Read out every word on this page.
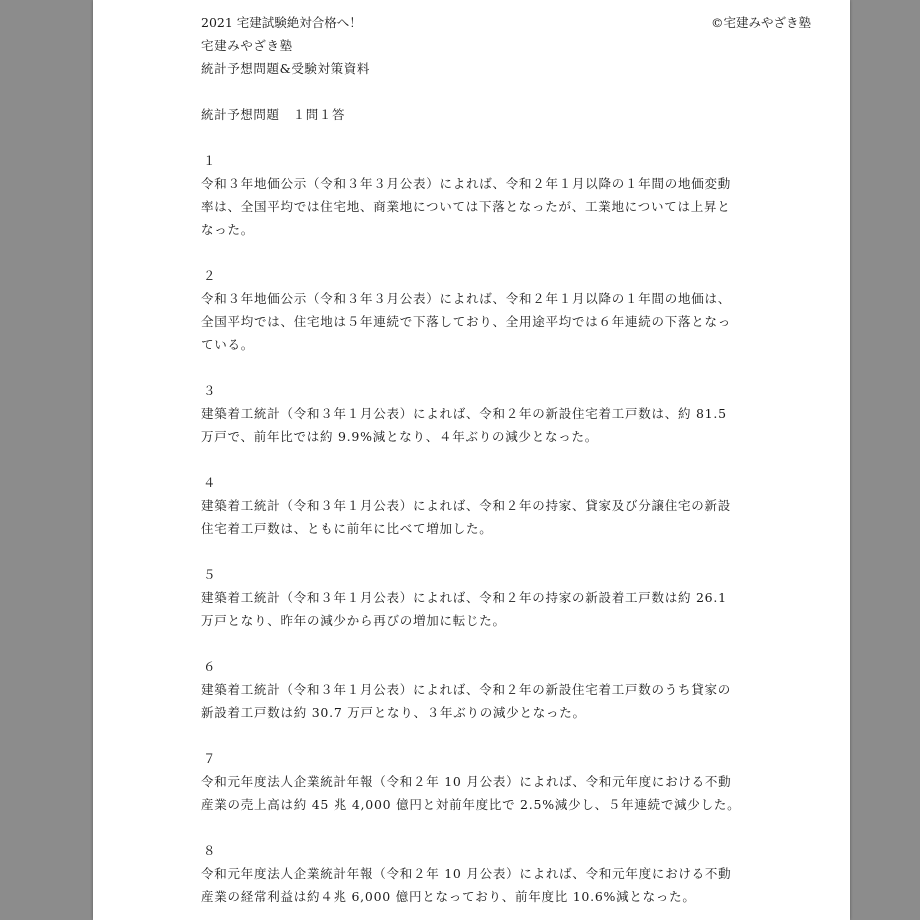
2021 宅建試験絶対合格へ！	©宅建みやざき塾
宅建みやざき塾
統計予想問題&受験対策資料
統計予想問題　１問１答
１
令和３年地価公示（令和３年３月公表）によれば、令和２年１月以降の１年間の地価変動
率は、全国平均では住宅地、商業地については下落となったが、工業地については上昇と
なった。
２
令和３年地価公示（令和３年３月公表）によれば、令和２年１月以降の１年間の地価は、
全国平均では、住宅地は５年連続で下落しており、全用途平均では６年連続の下落となっ
ている。
３
建築着工統計（令和３年１月公表）によれば、令和２年の新設住宅着工戸数は、約 81.5
万戸で、前年比では約 9.9%減となり、４年ぶりの減少となった。
４
建築着工統計（令和３年１月公表）によれば、令和２年の持家、貸家及び分譲住宅の新設
住宅着工戸数は、ともに前年に比べて増加した。
５
建築着工統計（令和３年１月公表）によれば、令和２年の持家の新設着工戸数は約 26.1
万戸となり、昨年の減少から再びの増加に転じた。
６
建築着工統計（令和３年１月公表）によれば、令和２年の新設住宅着工戸数のうち貸家の
新設着工戸数は約 30.7 万戸となり、３年ぶりの減少となった。
７
令和元年度法人企業統計年報（令和２年 10 月公表）によれば、令和元年度における不動
産業の売上高は約 45 兆 4,000 億円と対前年度比で 2.5%減少し、５年連続で減少した。
８
令和元年度法人企業統計年報（令和２年 10 月公表）によれば、令和元年度における不動
産業の経常利益は約４兆 6,000 億円となっており、前年度比 10.6%減となった。
